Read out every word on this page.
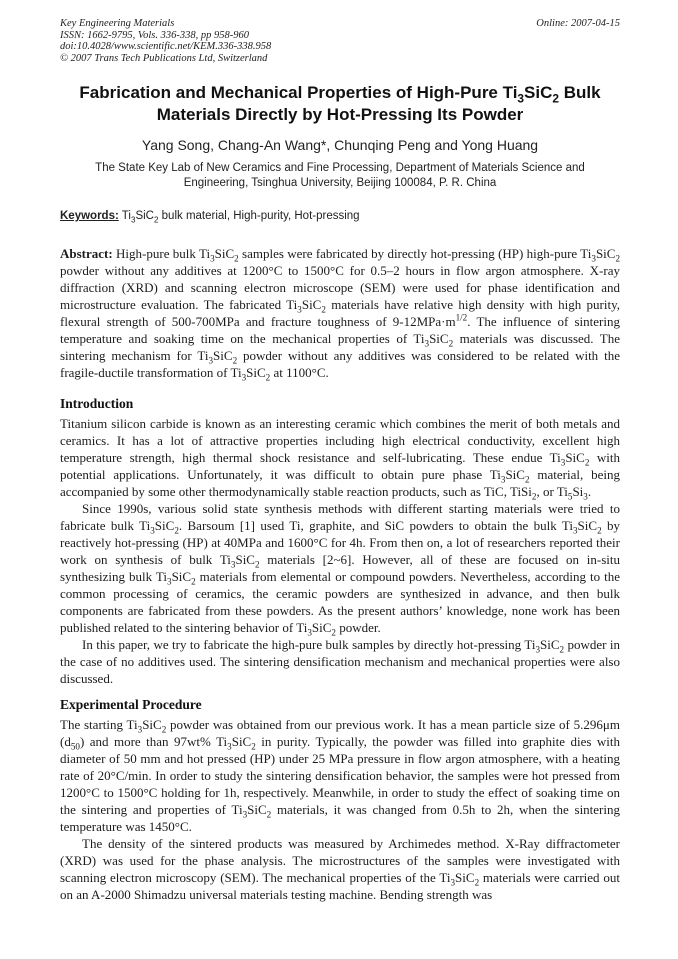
Key Engineering Materials
ISSN: 1662-9795, Vols. 336-338, pp 958-960
doi:10.4028/www.scientific.net/KEM.336-338.958
© 2007 Trans Tech Publications Ltd, Switzerland
Online: 2007-04-15
Fabrication and Mechanical Properties of High-Pure $Ti_3SiC_2$ Bulk Materials Directly by Hot-Pressing Its Powder
Yang Song, Chang-An Wang*, Chunqing Peng and Yong Huang
The State Key Lab of New Ceramics and Fine Processing, Department of Materials Science and Engineering, Tsinghua University, Beijing 100084, P. R. China
Keywords: $Ti_3SiC_2$ bulk material, High-purity, Hot-pressing

Abstract: High-pure bulk $Ti_3SiC_2$ samples were fabricated by directly hot-pressing (HP) high-pure $Ti_3SiC_2$ powder without any additives at 1200°C to 1500°C for 0.5–2 hours in flow argon atmosphere. X-ray diffraction (XRD) and scanning electron microscope (SEM) were used for phase identification and microstructure evaluation. The fabricated $Ti_3SiC_2$ materials have relative high density with high purity, flexural strength of 500-700MPa and fracture toughness of $9-12MPa\cdot m^{1/2}$. The influence of sintering temperature and soaking time on the mechanical properties of $Ti_3SiC_2$ materials was discussed. The sintering mechanism for $Ti_3SiC_2$ powder without any additives was considered to be related with the fragile-ductile transformation of $Ti_3SiC_2$ at 1100°C.

Introduction

Titanium silicon carbide is known as an interesting ceramic which combines the merit of both metals and ceramics. It has a lot of attractive properties including high electrical conductivity, excellent high temperature strength, high thermal shock resistance and self-lubricating. These endue $Ti_3SiC_2$ with potential applications. Unfortunately, it was difficult to obtain pure phase $Ti_3SiC_2$ material, being accompanied by some other thermodynamically stable reaction products, such as TiC, TiSi$_2$, or $Ti_5Si_3$.

Since 1990s, various solid state synthesis methods with different starting materials were tried to fabricate bulk $Ti_3SiC_2$. Barsoum [1] used Ti, graphite, and SiC powders to obtain the bulk $Ti_3SiC_2$ by reactively hot-pressing (HP) at 40MPa and 1600°C for 4h. From then on, a lot of researchers reported their work on synthesis of bulk $Ti_3SiC_2$ materials [2~6]. However, all of these are focused on in-situ synthesizing bulk $Ti_3SiC_2$ materials from elemental or compound powders. Nevertheless, according to the common processing of ceramics, the ceramic powders are synthesized in advance, and then bulk components are fabricated from these powders. As the present authors’ knowledge, none work has been published related to the sintering behavior of $Ti_3SiC_2$ powder.

In this paper, we try to fabricate the high-pure bulk samples by directly hot-pressing $Ti_3SiC_2$ powder in the case of no additives used. The sintering densification mechanism and mechanical properties were also discussed.

Experimental Procedure

The starting $Ti_3SiC_2$ powder was obtained from our previous work. It has a mean particle size of 5.296μm $(d_{50})$ and more than 97wt% $Ti_3SiC_2$ in purity. Typically, the powder was filled into graphite dies with diameter of 50 mm and hot pressed (HP) under 25 MPa pressure in flow argon atmosphere, with a heating rate of 20°C/min. In order to study the sintering densification behavior, the samples were hot pressed from 1200°C to 1500°C holding for 1h, respectively. Meanwhile, in order to study the effect of soaking time on the sintering and properties of $Ti_3SiC_2$ materials, it was changed from 0.5h to 2h, when the sintering temperature was 1450°C.

The density of the sintered products was measured by Archimedes method. X-Ray diffractometer (XRD) was used for the phase analysis. The microstructures of the samples were investigated with scanning electron microscopy (SEM). The mechanical properties of the $Ti_3SiC_2$ materials were carried out on an A-2000 Shimadzu universal materials testing machine. Bending strength was
